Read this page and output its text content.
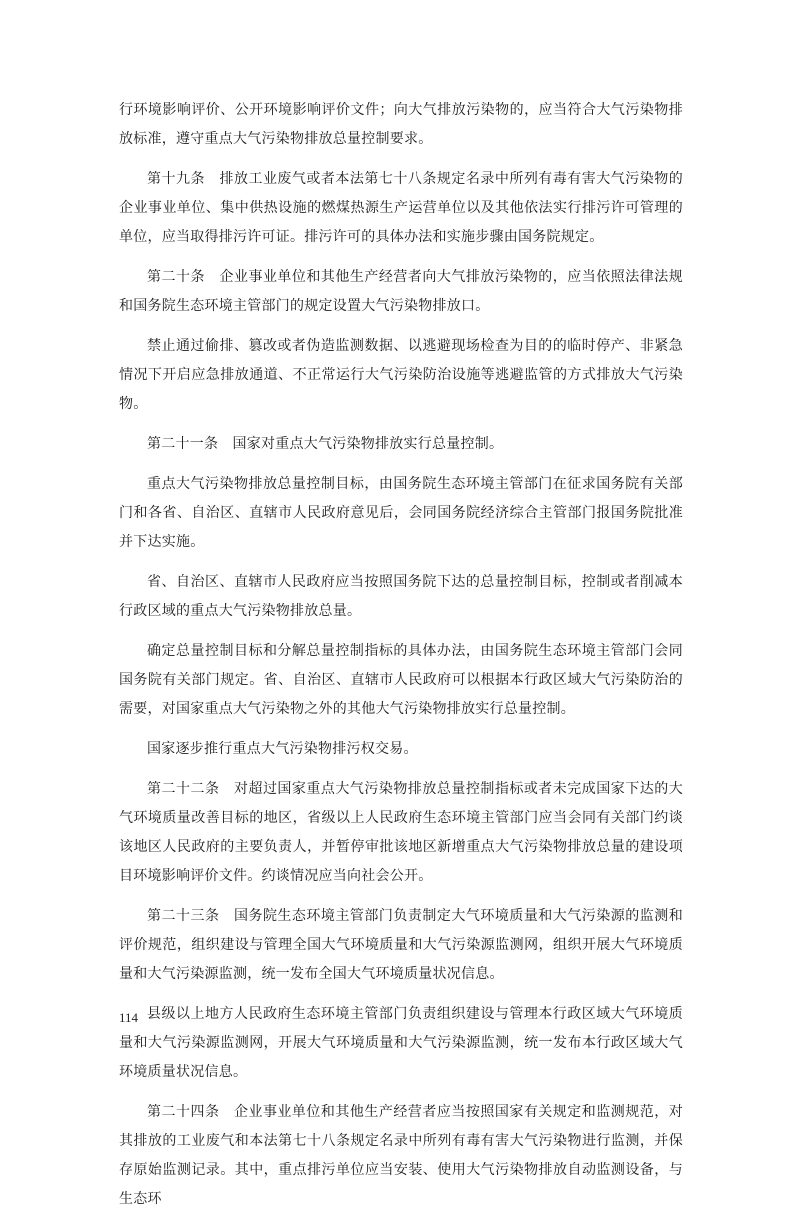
行环境影响评价、公开环境影响评价文件；向大气排放污染物的，应当符合大气污染物排放标准，遵守重点大气污染物排放总量控制要求。

第十九条　排放工业废气或者本法第七十八条规定名录中所列有毒有害大气污染物的企业事业单位、集中供热设施的燃煤热源生产运营单位以及其他依法实行排污许可管理的单位，应当取得排污许可证。排污许可的具体办法和实施步骤由国务院规定。

第二十条　企业事业单位和其他生产经营者向大气排放污染物的，应当依照法律法规和国务院生态环境主管部门的规定设置大气污染物排放口。

禁止通过偷排、篡改或者伪造监测数据、以逃避现场检查为目的的临时停产、非紧急情况下开启应急排放通道、不正常运行大气污染防治设施等逃避监管的方式排放大气污染物。

第二十一条　国家对重点大气污染物排放实行总量控制。

重点大气污染物排放总量控制目标，由国务院生态环境主管部门在征求国务院有关部门和各省、自治区、直辖市人民政府意见后，会同国务院经济综合主管部门报国务院批准并下达实施。

省、自治区、直辖市人民政府应当按照国务院下达的总量控制目标，控制或者削减本行政区域的重点大气污染物排放总量。

确定总量控制目标和分解总量控制指标的具体办法，由国务院生态环境主管部门会同国务院有关部门规定。省、自治区、直辖市人民政府可以根据本行政区域大气污染防治的需要，对国家重点大气污染物之外的其他大气污染物排放实行总量控制。

国家逐步推行重点大气污染物排污权交易。

第二十二条　对超过国家重点大气污染物排放总量控制指标或者未完成国家下达的大气环境质量改善目标的地区，省级以上人民政府生态环境主管部门应当会同有关部门约谈该地区人民政府的主要负责人，并暂停审批该地区新增重点大气污染物排放总量的建设项目环境影响评价文件。约谈情况应当向社会公开。

第二十三条　国务院生态环境主管部门负责制定大气环境质量和大气污染源的监测和评价规范，组织建设与管理全国大气环境质量和大气污染源监测网，组织开展大气环境质量和大气污染源监测，统一发布全国大气环境质量状况信息。

县级以上地方人民政府生态环境主管部门负责组织建设与管理本行政区域大气环境质量和大气污染源监测网，开展大气环境质量和大气污染源监测，统一发布本行政区域大气环境质量状况信息。

第二十四条　企业事业单位和其他生产经营者应当按照国家有关规定和监测规范，对其排放的工业废气和本法第七十八条规定名录中所列有毒有害大气污染物进行监测，并保存原始监测记录。其中，重点排污单位应当安装、使用大气污染物排放自动监测设备，与生态环

114
